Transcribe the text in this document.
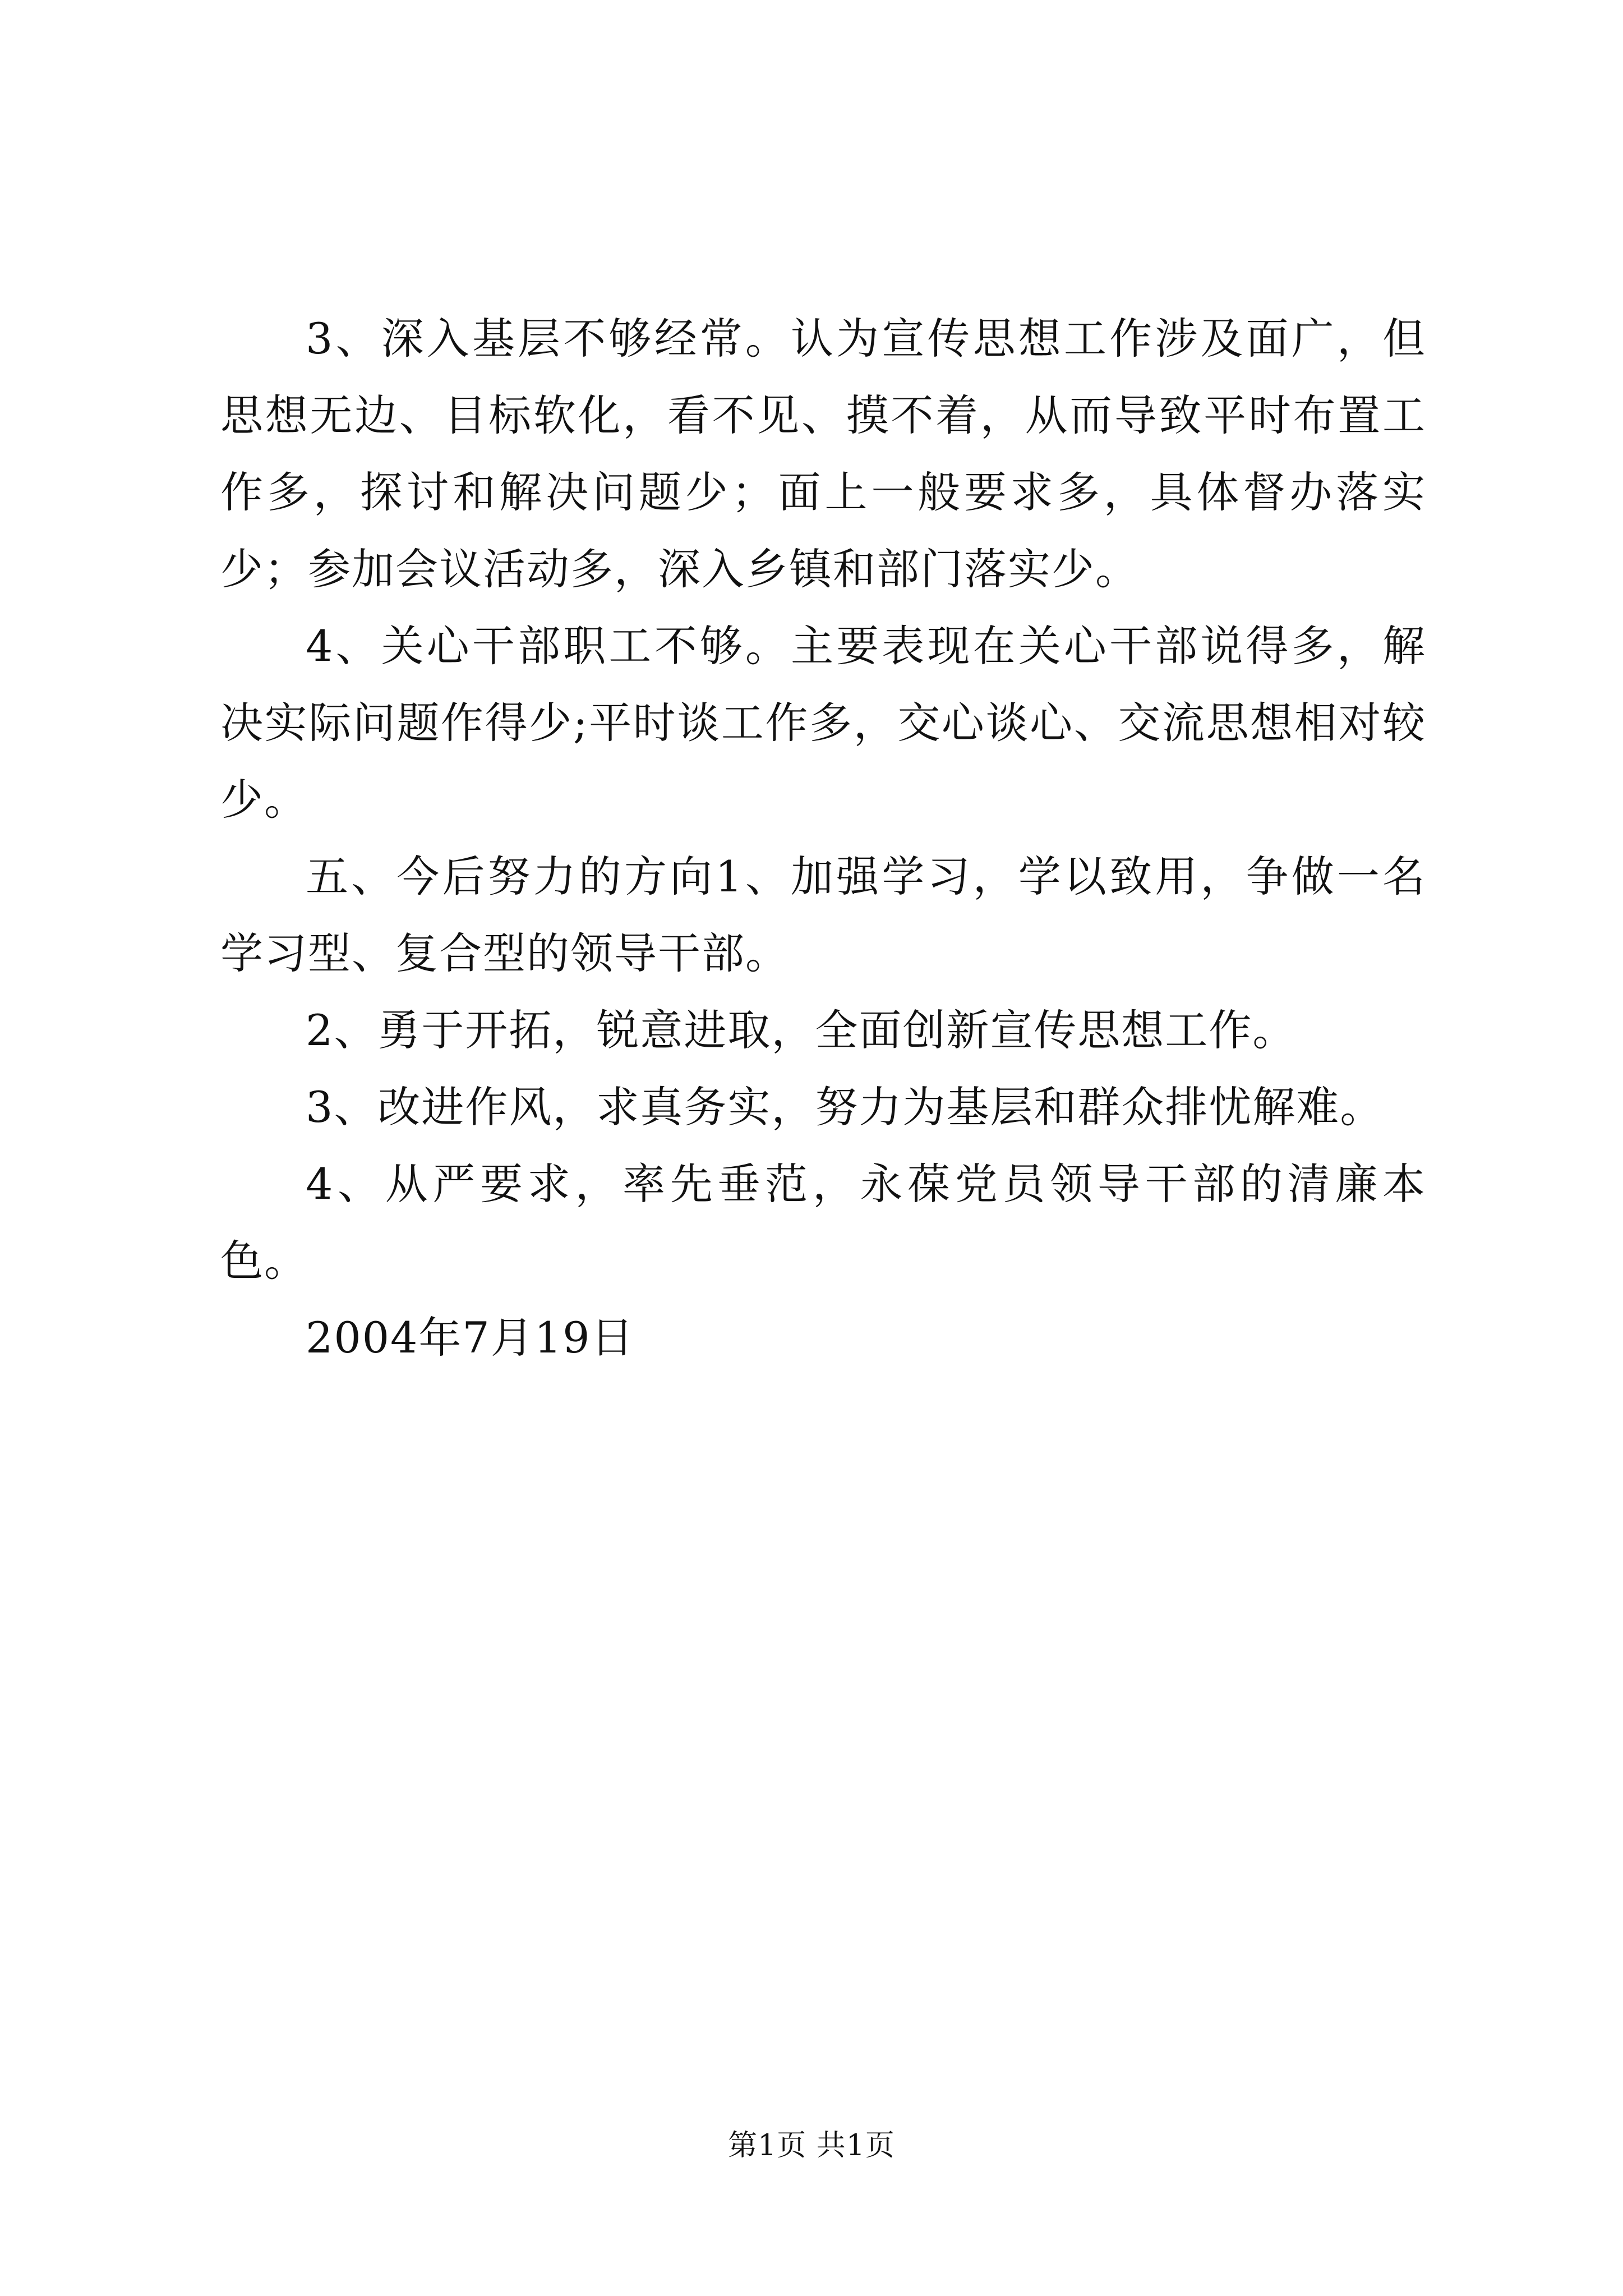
3、深入基层不够经常。认为宣传思想工作涉及面广，但思想无边、目标软化，看不见、摸不着，从而导致平时布置工作多，探讨和解决问题少；面上一般要求多，具体督办落实少；参加会议活动多，深入乡镇和部门落实少。

4、关心干部职工不够。主要表现在关心干部说得多，解决实际问题作得少;平时谈工作多，交心谈心、交流思想相对较少。

五、今后努力的方向1、加强学习，学以致用，争做一名学习型、复合型的领导干部。

2、勇于开拓，锐意进取，全面创新宣传思想工作。

3、改进作风，求真务实，努力为基层和群众排忧解难。

4、从严要求，率先垂范，永葆党员领导干部的清廉本色。

2004年7月19日

第1页 共1页
